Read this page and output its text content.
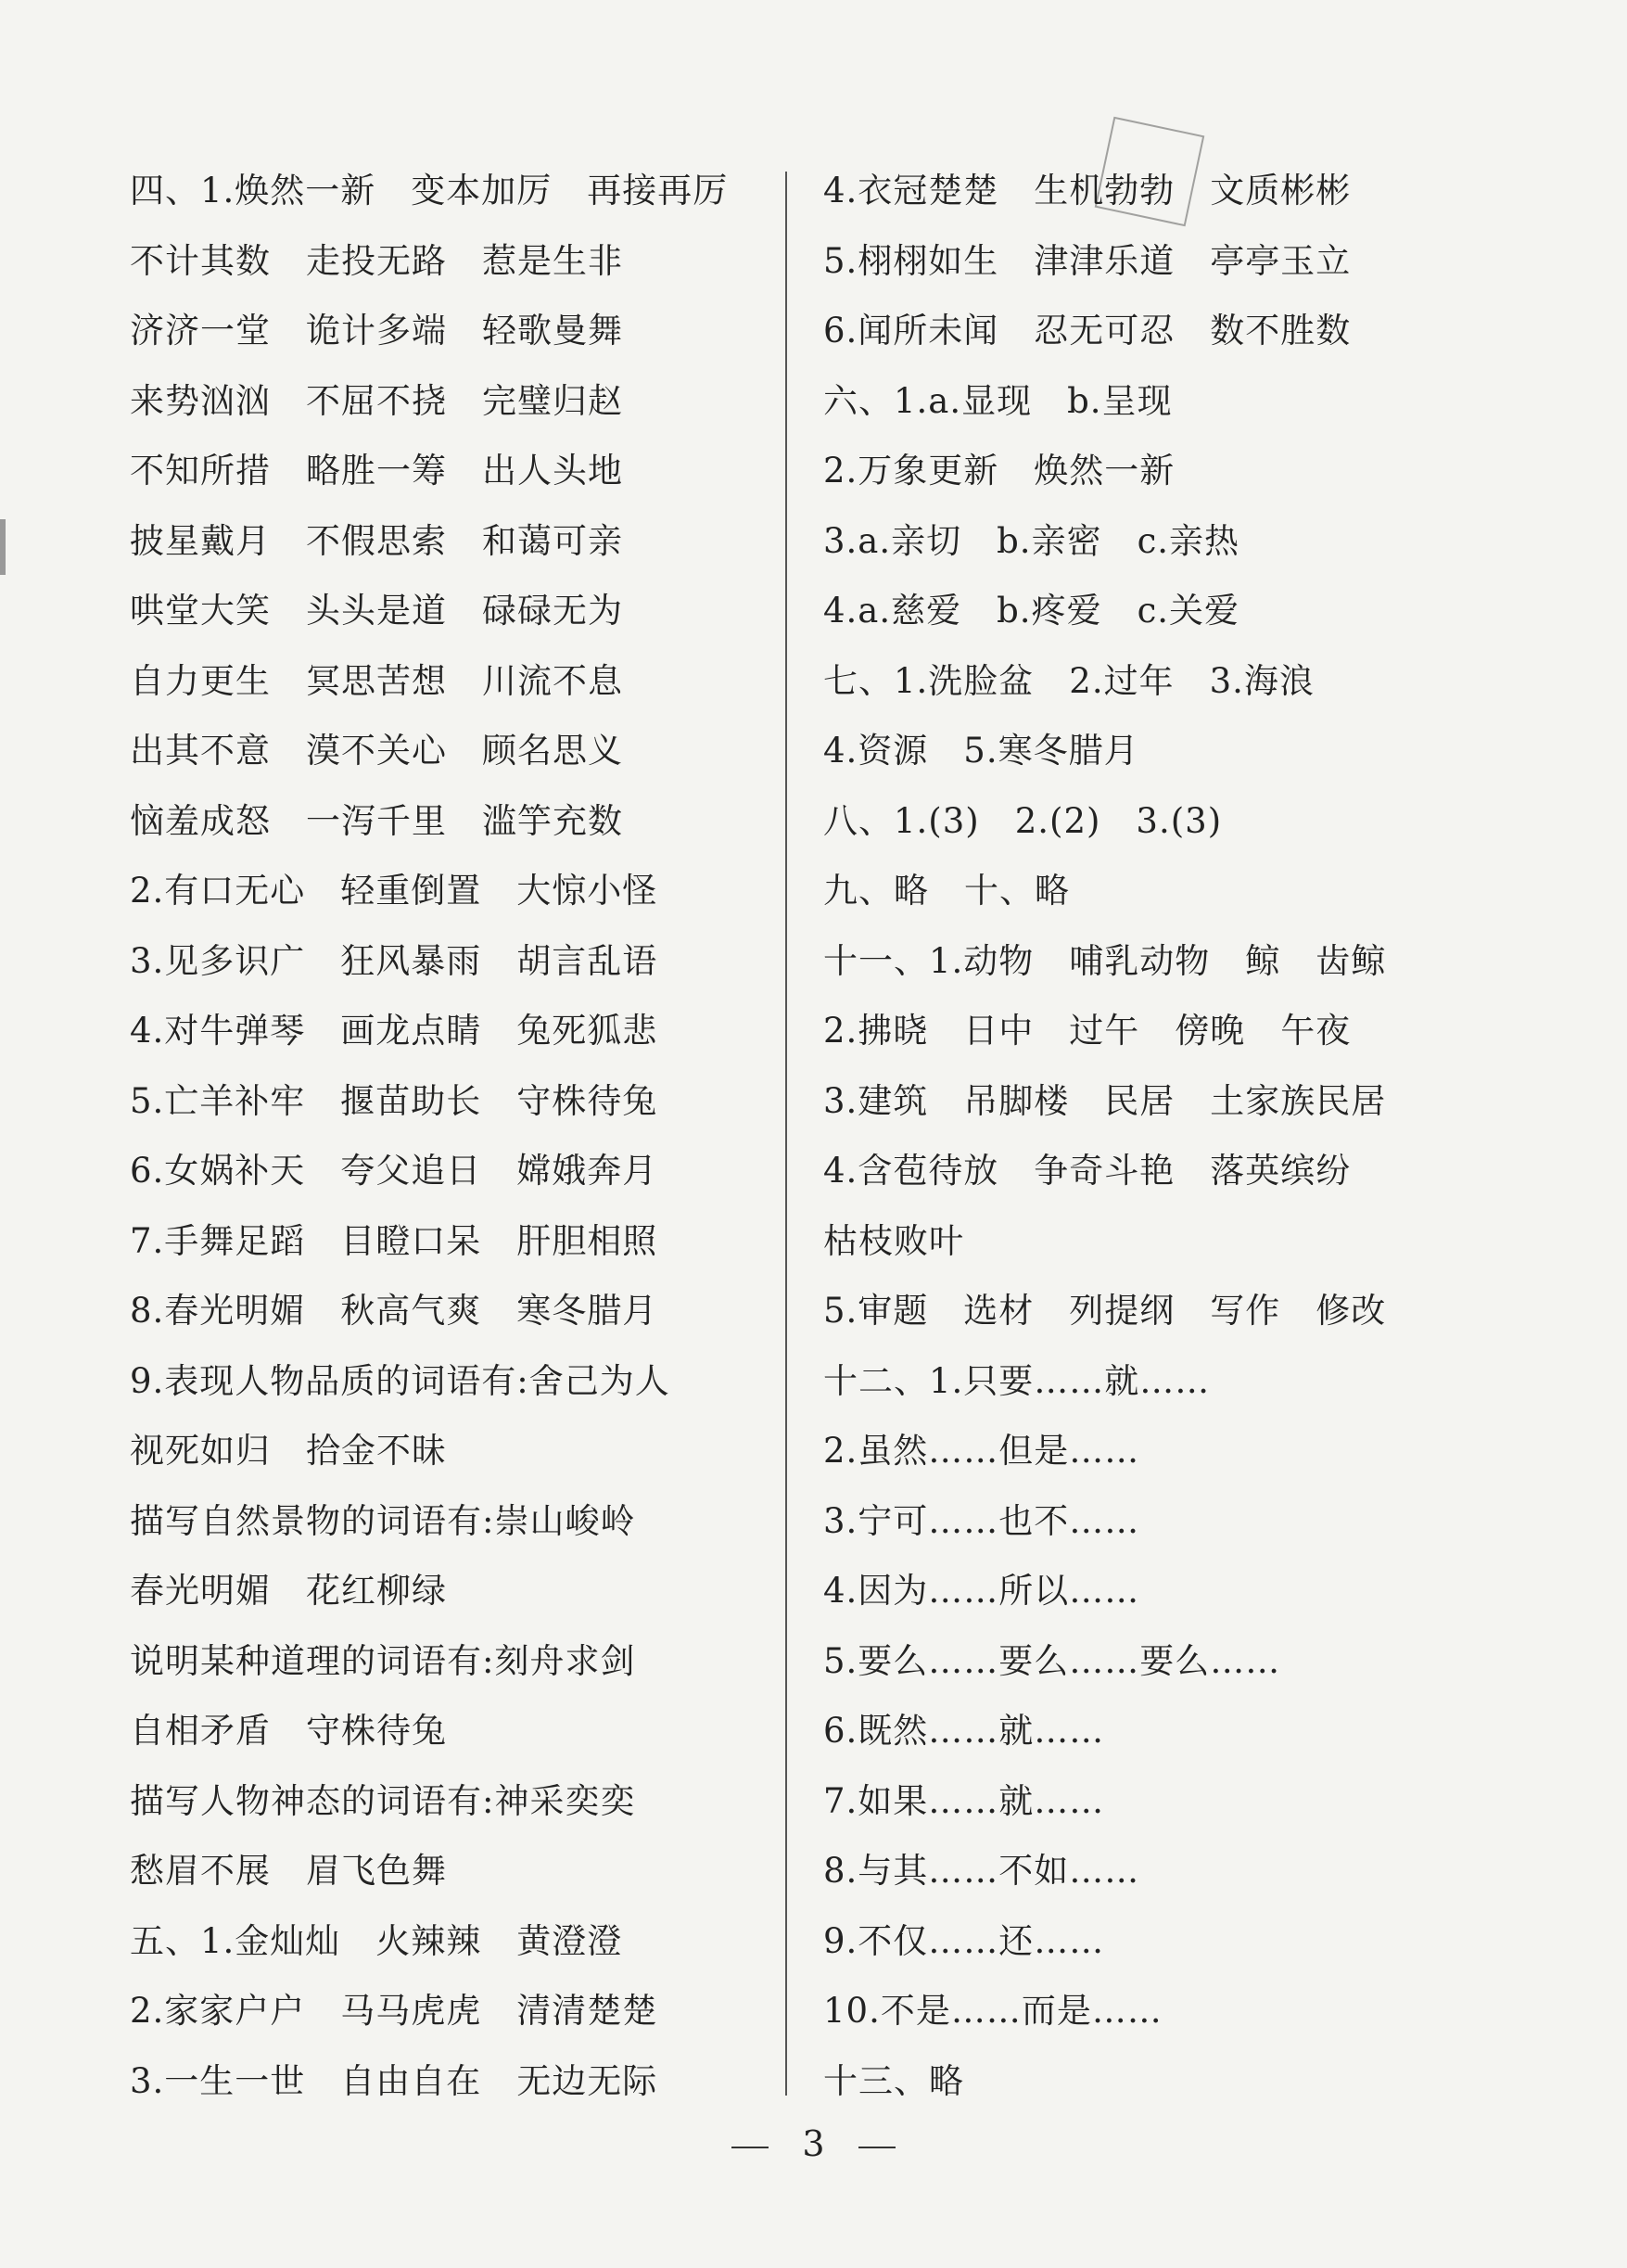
四、1.焕然一新　变本加厉　再接再厉
不计其数　走投无路　惹是生非
济济一堂　诡计多端　轻歌曼舞
来势汹汹　不屈不挠　完璧归赵
不知所措　略胜一筹　出人头地
披星戴月　不假思索　和蔼可亲
哄堂大笑　头头是道　碌碌无为
自力更生　冥思苦想　川流不息
出其不意　漠不关心　顾名思义
恼羞成怒　一泻千里　滥竽充数
2.有口无心　轻重倒置　大惊小怪
3.见多识广　狂风暴雨　胡言乱语
4.对牛弹琴　画龙点睛　兔死狐悲
5.亡羊补牢　揠苗助长　守株待兔
6.女娲补天　夸父追日　嫦娥奔月
7.手舞足蹈　目瞪口呆　肝胆相照
8.春光明媚　秋高气爽　寒冬腊月
9.表现人物品质的词语有:舍己为人
视死如归　拾金不昧
描写自然景物的词语有:崇山峻岭
春光明媚　花红柳绿
说明某种道理的词语有:刻舟求剑
自相矛盾　守株待兔
描写人物神态的词语有:神采奕奕
愁眉不展　眉飞色舞
五、1.金灿灿　火辣辣　黄澄澄
2.家家户户　马马虎虎　清清楚楚
3.一生一世　自由自在　无边无际
4.衣冠楚楚　生机勃勃　文质彬彬
5.栩栩如生　津津乐道　亭亭玉立
6.闻所未闻　忍无可忍　数不胜数
六、1.a.显现　b.呈现
2.万象更新　焕然一新
3.a.亲切　b.亲密　c.亲热
4.a.慈爱　b.疼爱　c.关爱
七、1.洗脸盆　2.过年　3.海浪
4.资源　5.寒冬腊月
八、1.(3)　2.(2)　3.(3)
九、略　十、略
十一、1.动物　哺乳动物　鲸　齿鲸
2.拂晓　日中　过午　傍晚　午夜
3.建筑　吊脚楼　民居　土家族民居
4.含苞待放　争奇斗艳　落英缤纷
枯枝败叶
5.审题　选材　列提纲　写作　修改
十二、1.只要……就……
2.虽然……但是……
3.宁可……也不……
4.因为……所以……
5.要么……要么……要么……
6.既然……就……
7.如果……就……
8.与其……不如……
9.不仅……还……
10.不是……而是……
十三、略
3
